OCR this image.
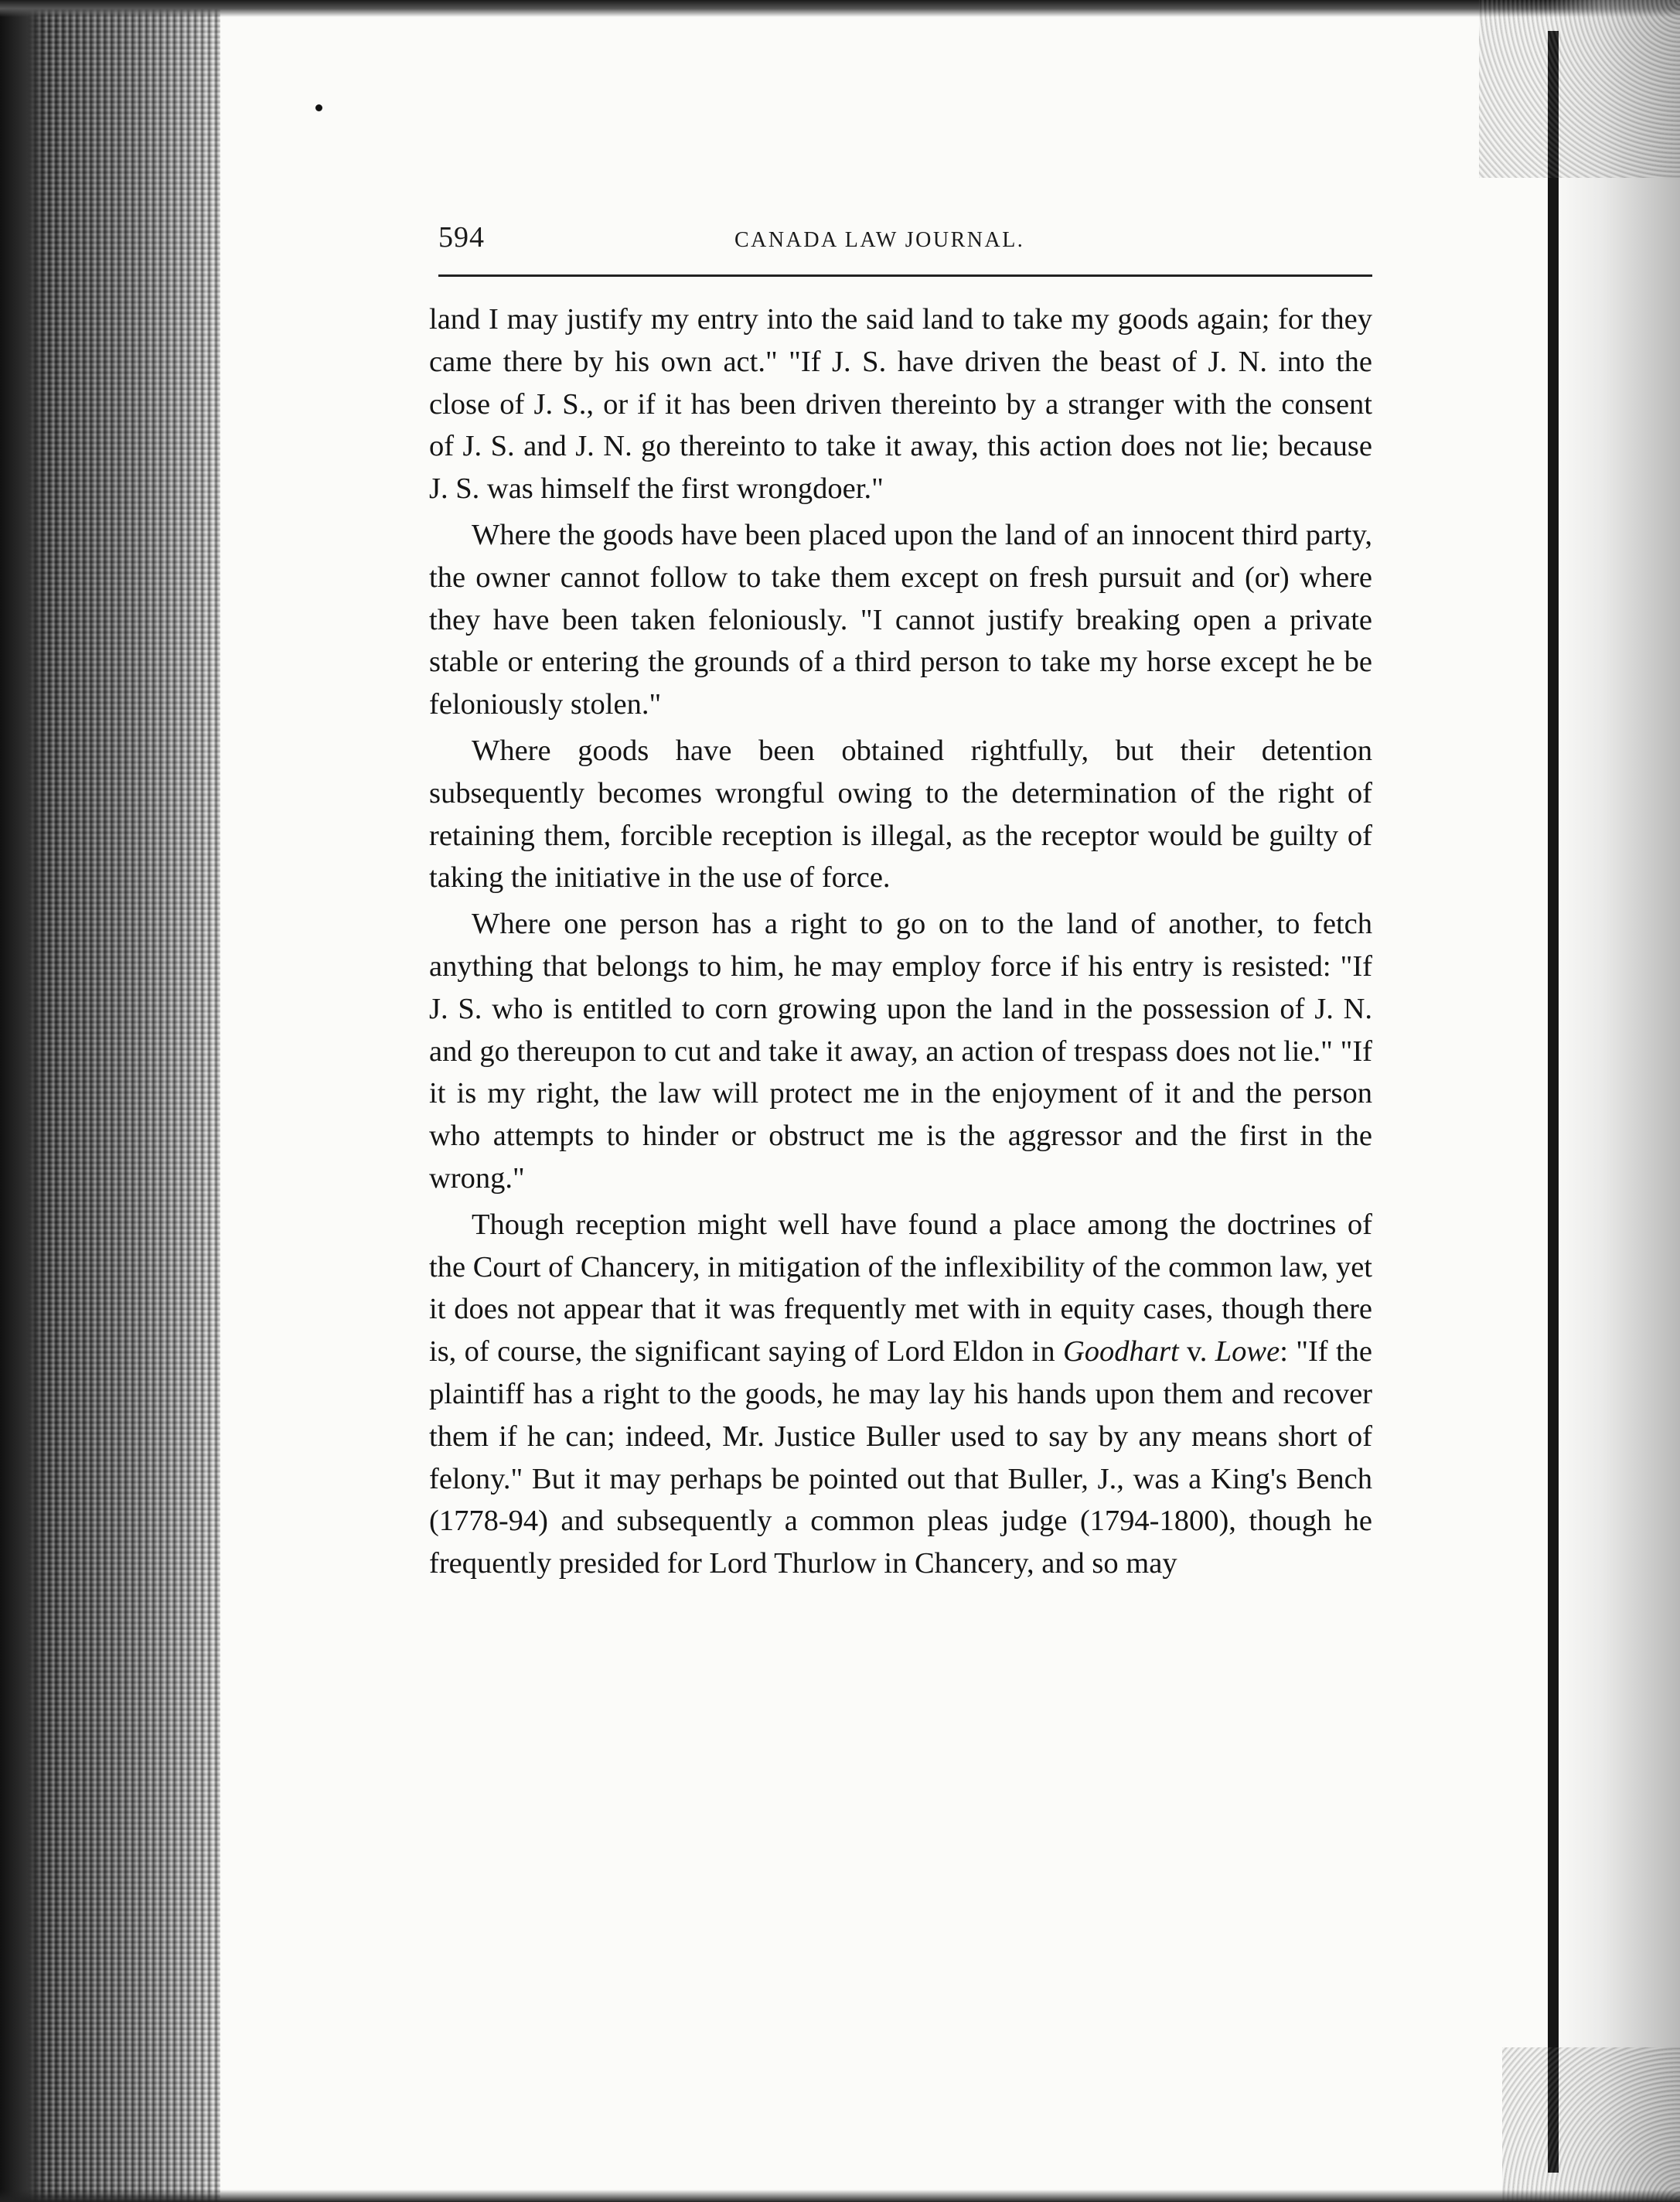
594	CANADA LAW JOURNAL.

land I may justify my entry into the said land to take my goods again; for they came there by his own act." "If J. S. have driven the beast of J. N. into the close of J. S., or if it has been driven thereinto by a stranger with the consent of J. S. and J. N. go thereinto to take it away, this action does not lie; because J. S. was himself the first wrongdoer."

Where the goods have been placed upon the land of an innocent third party, the owner cannot follow to take them except on fresh pursuit and (or) where they have been taken feloniously. "I cannot justify breaking open a private stable or entering the grounds of a third person to take my horse except he be feloniously stolen."

Where goods have been obtained rightfully, but their detention subsequently becomes wrongful owing to the determination of the right of retaining them, forcible reception is illegal, as the receptor would be guilty of taking the initiative in the use of force.

Where one person has a right to go on to the land of another, to fetch anything that belongs to him, he may employ force if his entry is resisted: "If J. S. who is entitled to corn growing upon the land in the possession of J. N. and go thereupon to cut and take it away, an action of trespass does not lie." "If it is my right, the law will protect me in the enjoyment of it and the person who attempts to hinder or obstruct me is the aggressor and the first in the wrong."

Though reception might well have found a place among the doctrines of the Court of Chancery, in mitigation of the inflexibility of the common law, yet it does not appear that it was frequently met with in equity cases, though there is, of course, the significant saying of Lord Eldon in Goodhart v. Lowe: "If the plaintiff has a right to the goods, he may lay his hands upon them and recover them if he can; indeed, Mr. Justice Buller used to say by any means short of felony." But it may perhaps be pointed out that Buller, J., was a King's Bench (1778-94) and subsequently a common pleas judge (1794-1800), though he frequently presided for Lord Thurlow in Chancery, and so may
